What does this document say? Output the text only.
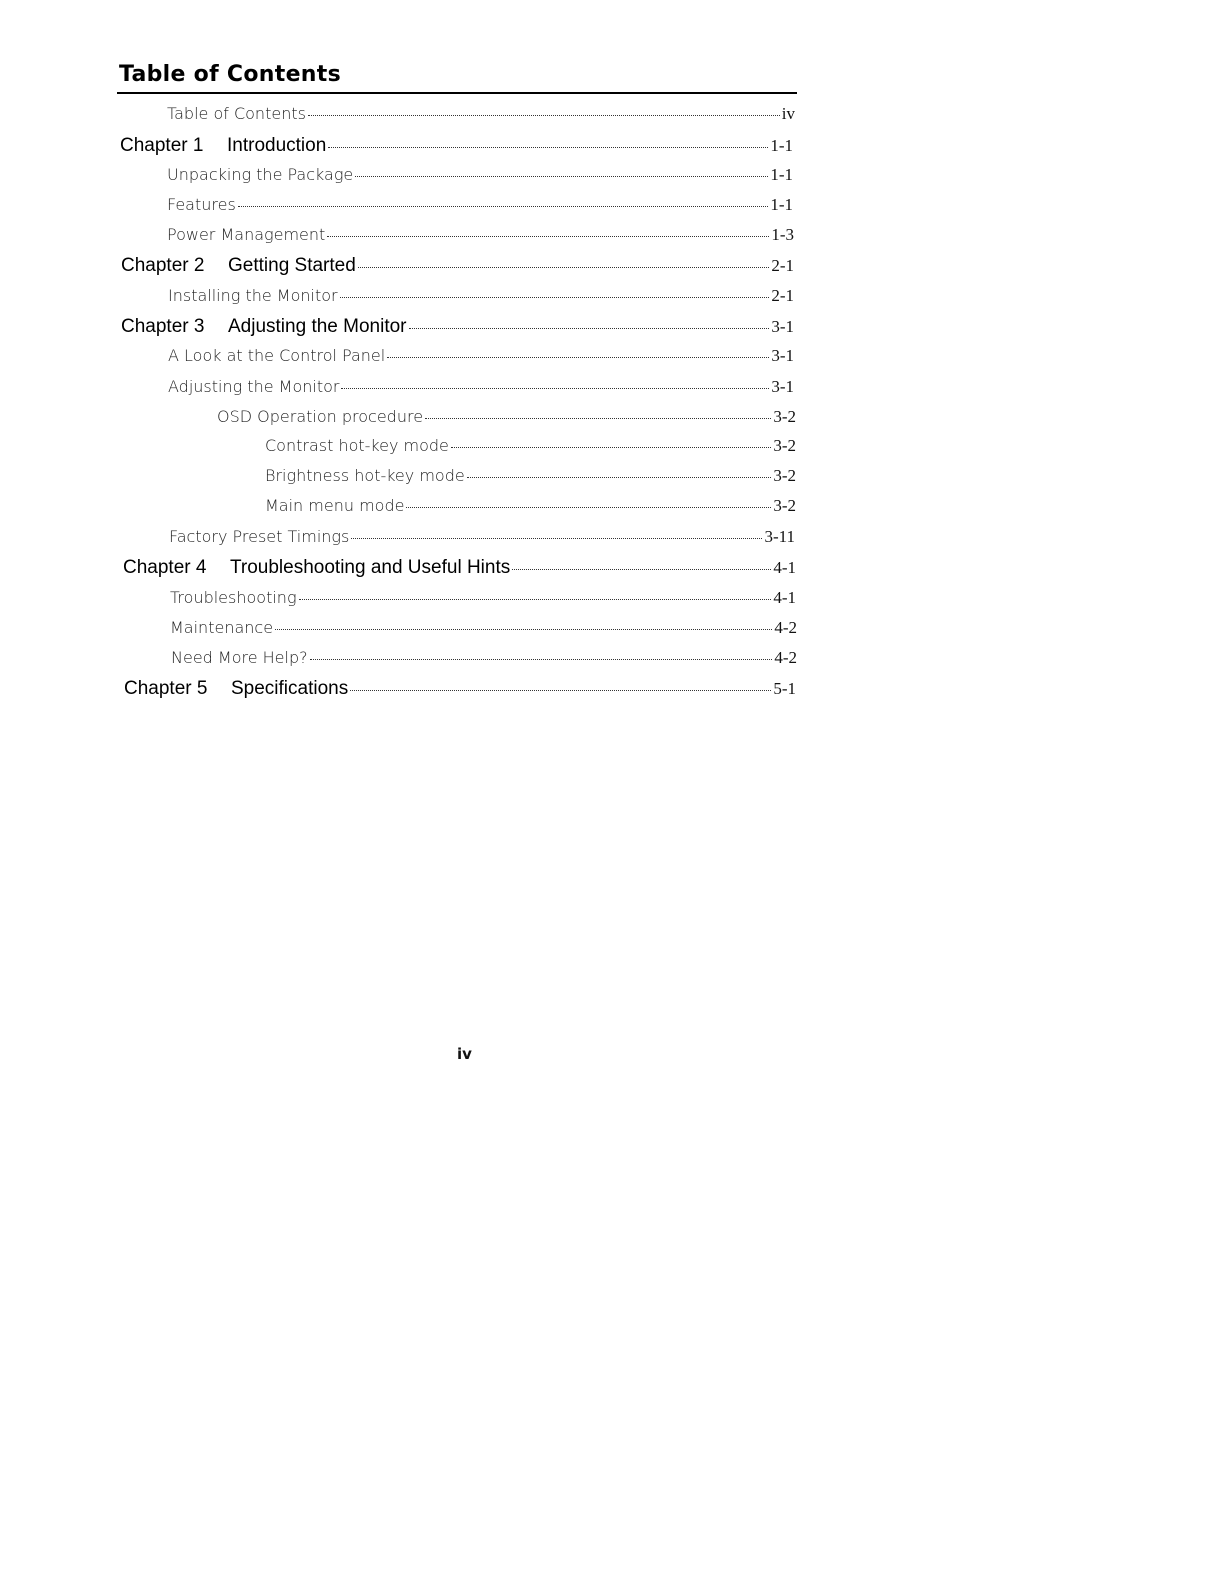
Table of Contents
Table of Contents	iv
Chapter 1 Introduction	1-1
Unpacking the Package	1-1
Features	1-1
Power Management	1-3
Chapter 2 Getting Started	2-1
Installing the Monitor	2-1
Chapter 3 Adjusting the Monitor	3-1
A Look at the Control Panel	3-1
Adjusting the Monitor	3-1
OSD Operation procedure	3-2
Contrast hot-key mode	3-2
Brightness hot-key mode	3-2
Main menu mode	3-2
Factory Preset Timings	3-11
Chapter 4 Troubleshooting and Useful Hints	4-1
Troubleshooting	4-1
Maintenance	4-2
Need More Help?	4-2
Chapter 5 Specifications	5-1
iv
